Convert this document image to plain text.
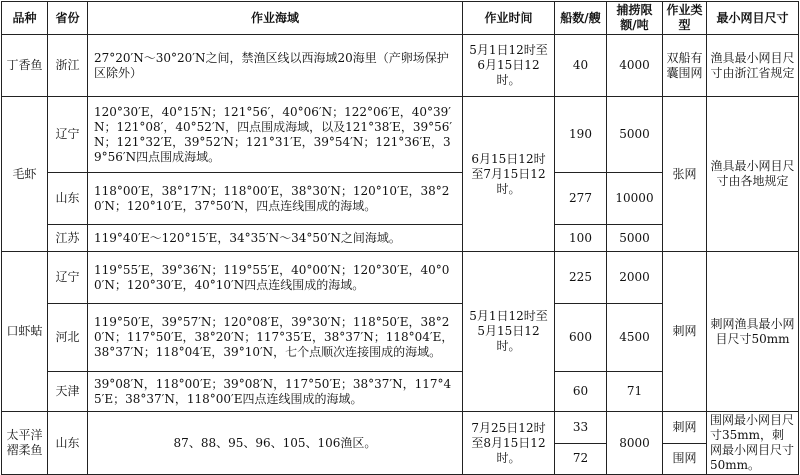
品种	省份	作业海域	作业时间	船数/艘	捕捞限额/吨	作业类型	最小网目尺寸
丁香鱼	浙江	27°20′N～30°20′N之间，禁渔区线以西海域20海里（产卵场保护区除外）	5月1日12时至6月15日12时。	40	4000	双船有囊围网	渔具最小网目尺寸由浙江省规定
毛虾	辽宁	120°30′E，40°15′N；121°56′，40°06′N；122°06′E，40°39′N；121°08′，40°52′N，四点围成海域，以及121°38′E，39°56′N；121°32′E，39°52′N；121°31′E，39°54′N；121°36′E，39°56′N四点围成海域。	6月15日12时至7月15日12时。	190	5000	张网	渔具最小网目尺寸由各地规定
	山东	118°00′E，38°17′N；118°00′E，38°30′N；120°10′E，38°20′N；120°10′E，37°50′N，四点连线围成的海域。		277	10000		
	江苏	119°40′E～120°15′E，34°35′N～34°50′N之间海域。		100	5000		
口虾蛄	辽宁	119°55′E，39°36′N；119°55′E，40°00′N；120°30′E，40°00′N；120°30′E，40°10′N四点连线围成的海域。	5月1日12时至5月15日12时。	225	2000	刺网	刺网渔具最小网目尺寸50mm
	河北	119°50′E，39°57′N；120°08′E，39°30′N；118°50′E，38°20′N；117°50′E，38°20′N；117°35′E，38°37′N；118°04′E，38°37′N；118°04′E，39°10′N，七个点顺次连接围成的海域。		600	4500		
	天津	39°08′N，118°00′E；39°08′N，117°50′E；38°37′N，117°45′E；38°37′N，118°00′E四点连线围成的海域。		60	71		
太平洋褶柔鱼	山东	87、88、95、96、105、106渔区。	7月25日12时至8月15日12时。	33	8000	刺网	围网最小网目尺寸35mm，刺网最小网目尺寸50mm。
				72		围网	
